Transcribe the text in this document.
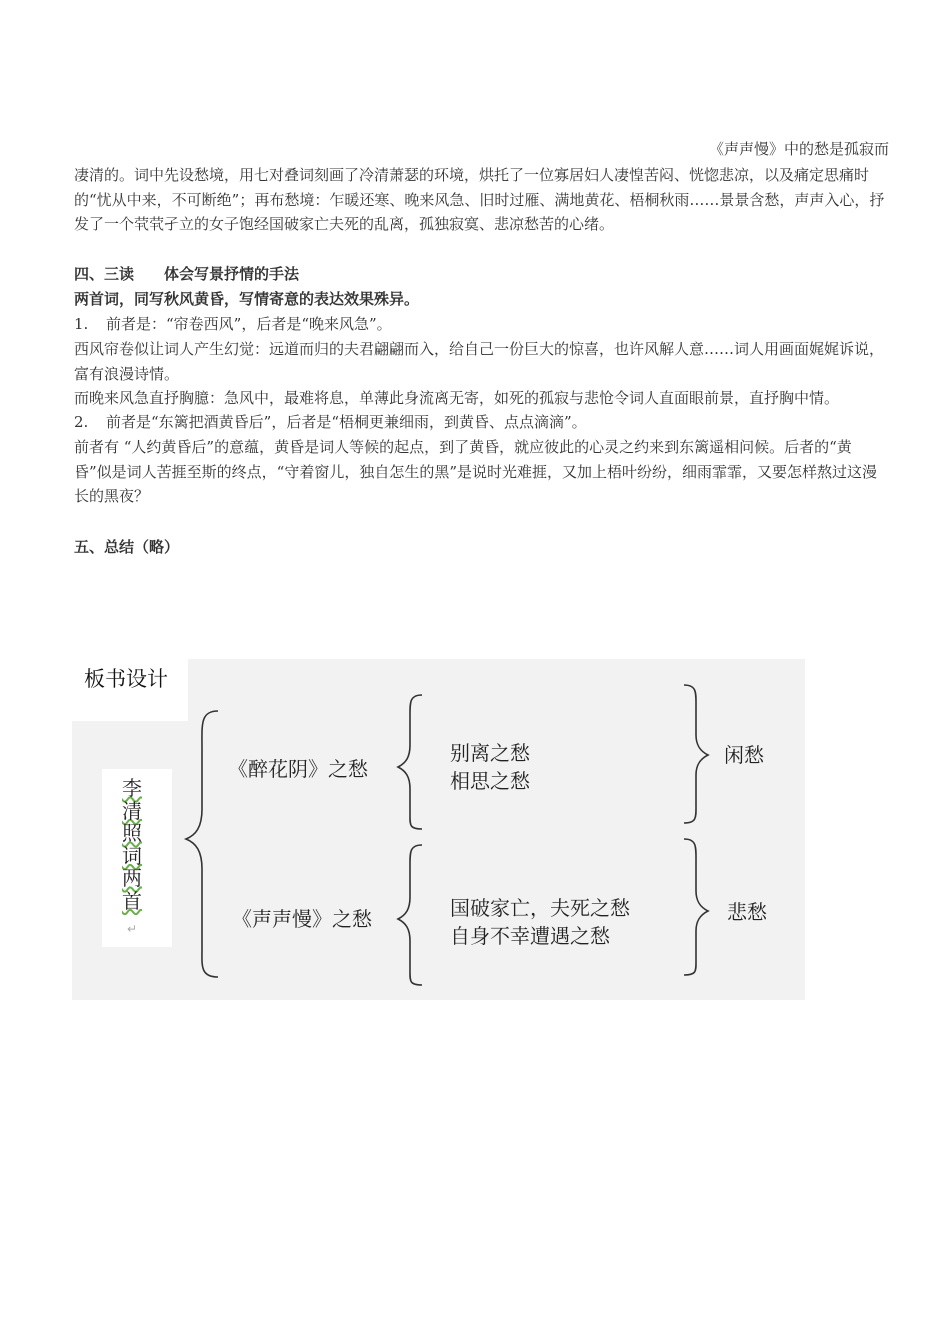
《声声慢》中的愁是孤寂而
凄清的。词中先设愁境，用七对叠词刻画了冷清萧瑟的环境，烘托了一位寡居妇人凄惶苦闷、恍惚悲凉，以及痛定思痛时的“忧从中来，不可断绝”；再布愁境：乍暖还寒、晚来风急、旧时过雁、满地黄花、梧桐秋雨……景景含愁，声声入心，抒发了一个茕茕孑立的女子饱经国破家亡夫死的乱离，孤独寂寞、悲凉愁苦的心绪。
四、三读　　体会写景抒情的手法
两首词，同写秋风黄昏，写情寄意的表达效果殊异。
1. 前者是：“帘卷西风”，后者是“晚来风急”。
西风帘卷似让词人产生幻觉：远道而归的夫君翩翩而入，给自己一份巨大的惊喜，也许风解人意……词人用画面娓娓诉说，富有浪漫诗情。
而晚来风急直抒胸臆：急风中，最难将息，单薄此身流离无寄，如死的孤寂与悲怆令词人直面眼前景，直抒胸中情。
2. 前者是“东篱把酒黄昏后”，后者是“梧桐更兼细雨，到黄昏、点点滴滴”。
前者有 “人约黄昏后”的意蕴，黄昏是词人等候的起点，到了黄昏，就应彼此的心灵之约来到东篱遥相问候。后者的“黄昏”似是词人苦捱至斯的终点，“守着窗儿，独自怎生的黑”是说时光难捱，又加上梧叶纷纷，细雨霏霏，又要怎样熬过这漫长的黑夜？
五、总结（略）
板书设计
李清照词两首
↵
《醉花阴》之愁
别离之愁
相思之愁
闲愁
《声声慢》之愁	国破家亡，夫死之愁
自身不幸遭遇之愁
悲愁
